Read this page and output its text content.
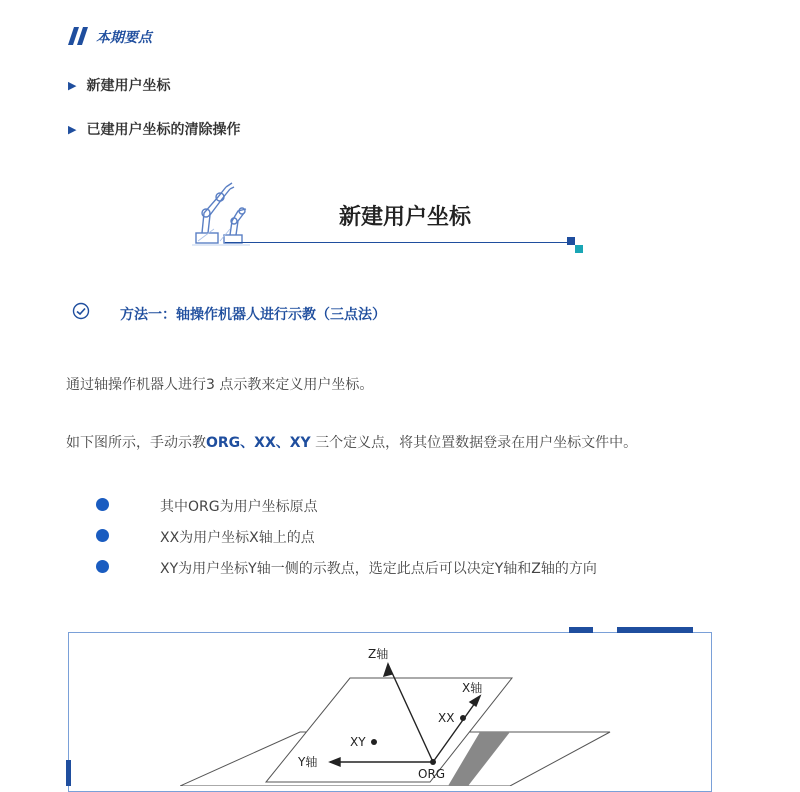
本期要点
▶ 新建用户坐标
▶ 已建用户坐标的清除操作
新建用户坐标
方法一：轴操作机器人进行示教（三点法）
通过轴操作机器人进行3 点示教来定义用户坐标。
如下图所示，手动示教ORG、XX、XY 三个定义点，将其位置数据登录在用户坐标文件中。
其中ORG为用户坐标原点
XX为用户坐标X轴上的点
XY为用户坐标Y轴一侧的示教点，选定此点后可以决定Y轴和Z轴的方向
Z轴
X轴
XX
XY
Y轴
ORG
